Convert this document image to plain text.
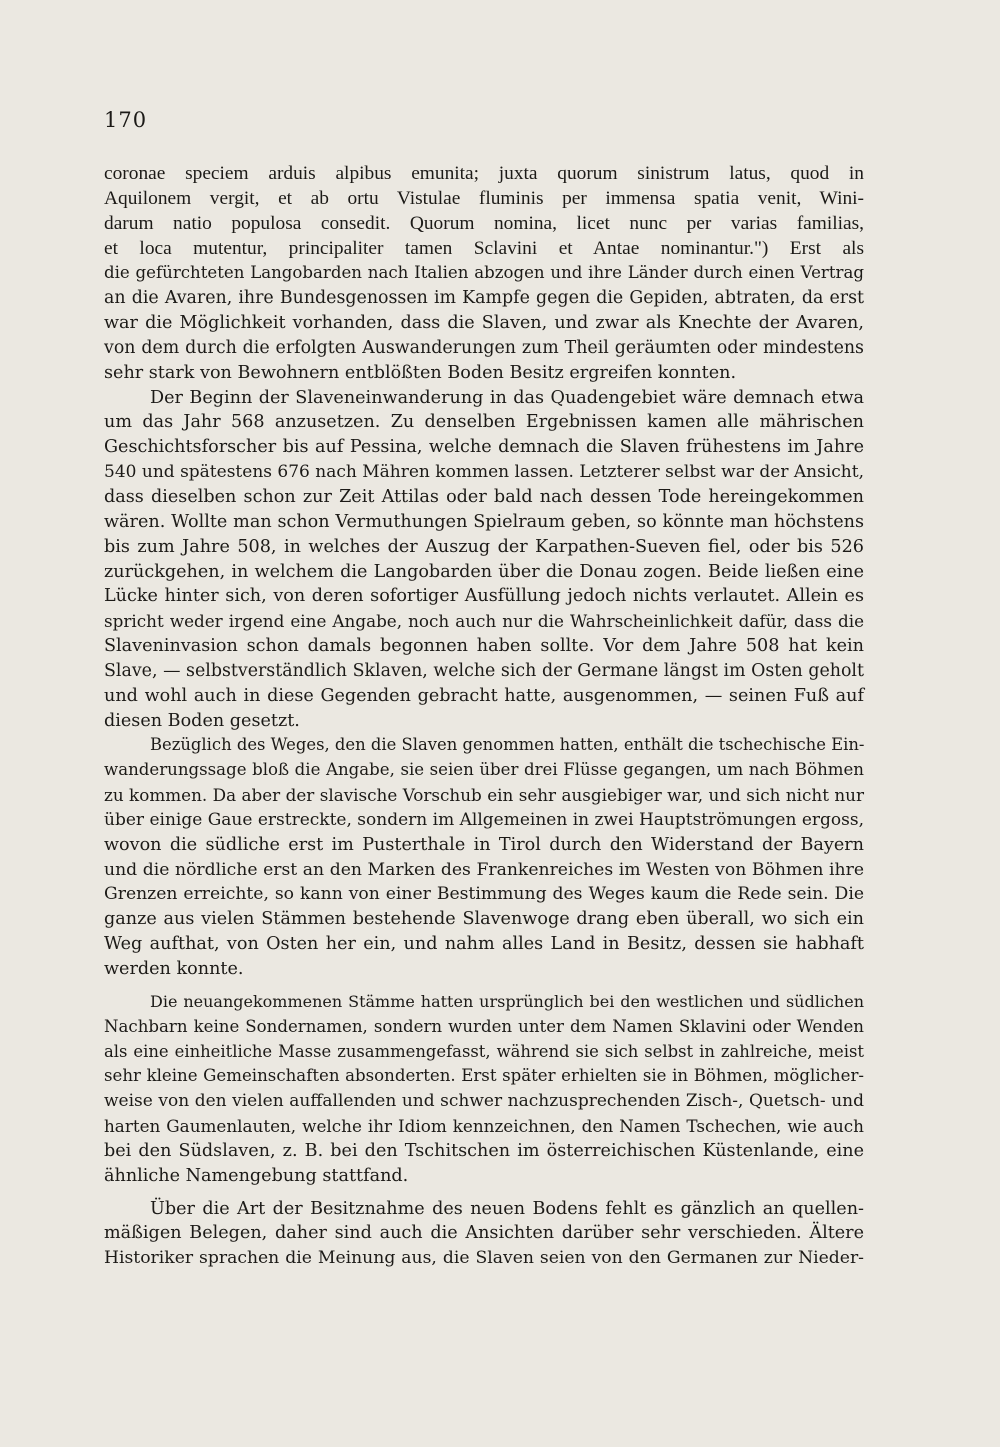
170
coronae speciem arduis alpibus emunita; juxta quorum sinistrum latus, quod in
Aquilonem vergit, et ab ortu Vistulae fluminis per immensa spatia venit, Wini-
darum natio populosa consedit. Quorum nomina, licet nunc per varias familias,
et loca mutentur, principaliter tamen Sclavini et Antae nominantur.") Erst als
die gefürchteten Langobarden nach Italien abzogen und ihre Länder durch einen Vertrag
an die Avaren, ihre Bundesgenossen im Kampfe gegen die Gepiden, abtraten, da erst
war die Möglichkeit vorhanden, dass die Slaven, und zwar als Knechte der Avaren,
von dem durch die erfolgten Auswanderungen zum Theil geräumten oder mindestens
sehr stark von Bewohnern entblößten Boden Besitz ergreifen konnten.
Der Beginn der Slaveneinwanderung in das Quadengebiet wäre demnach etwa
um das Jahr 568 anzusetzen. Zu denselben Ergebnissen kamen alle mährischen
Geschichtsforscher bis auf Pessina, welche demnach die Slaven frühestens im Jahre
540 und spätestens 676 nach Mähren kommen lassen. Letzterer selbst war der Ansicht,
dass dieselben schon zur Zeit Attilas oder bald nach dessen Tode hereingekommen
wären. Wollte man schon Vermuthungen Spielraum geben, so könnte man höchstens
bis zum Jahre 508, in welches der Auszug der Karpathen-Sueven fiel, oder bis 526
zurückgehen, in welchem die Langobarden über die Donau zogen. Beide ließen eine
Lücke hinter sich, von deren sofortiger Ausfüllung jedoch nichts verlautet. Allein es
spricht weder irgend eine Angabe, noch auch nur die Wahrscheinlichkeit dafür, dass die
Slaveninvasion schon damals begonnen haben sollte. Vor dem Jahre 508 hat kein
Slave, — selbstverständlich Sklaven, welche sich der Germane längst im Osten geholt
und wohl auch in diese Gegenden gebracht hatte, ausgenommen, — seinen Fuß auf
diesen Boden gesetzt.
Bezüglich des Weges, den die Slaven genommen hatten, enthält die tschechische Ein-
wanderungssage bloß die Angabe, sie seien über drei Flüsse gegangen, um nach Böhmen
zu kommen. Da aber der slavische Vorschub ein sehr ausgiebiger war, und sich nicht nur
über einige Gaue erstreckte, sondern im Allgemeinen in zwei Hauptströmungen ergoss,
wovon die südliche erst im Pusterthale in Tirol durch den Widerstand der Bayern
und die nördliche erst an den Marken des Frankenreiches im Westen von Böhmen ihre
Grenzen erreichte, so kann von einer Bestimmung des Weges kaum die Rede sein. Die
ganze aus vielen Stämmen bestehende Slavenwoge drang eben überall, wo sich ein
Weg aufthat, von Osten her ein, und nahm alles Land in Besitz, dessen sie habhaft
werden konnte.
Die neuangekommenen Stämme hatten ursprünglich bei den westlichen und südlichen
Nachbarn keine Sondernamen, sondern wurden unter dem Namen Sklavini oder Wenden
als eine einheitliche Masse zusammengefasst, während sie sich selbst in zahlreiche, meist
sehr kleine Gemeinschaften absonderten. Erst später erhielten sie in Böhmen, möglicher-
weise von den vielen auffallenden und schwer nachzusprechenden Zisch-, Quetsch- und
harten Gaumenlauten, welche ihr Idiom kennzeichnen, den Namen Tschechen, wie auch
bei den Südslaven, z. B. bei den Tschitschen im österreichischen Küstenlande, eine
ähnliche Namengebung stattfand.
Über die Art der Besitznahme des neuen Bodens fehlt es gänzlich an quellen-
mäßigen Belegen, daher sind auch die Ansichten darüber sehr verschieden. Ältere
Historiker sprachen die Meinung aus, die Slaven seien von den Germanen zur Nieder-
